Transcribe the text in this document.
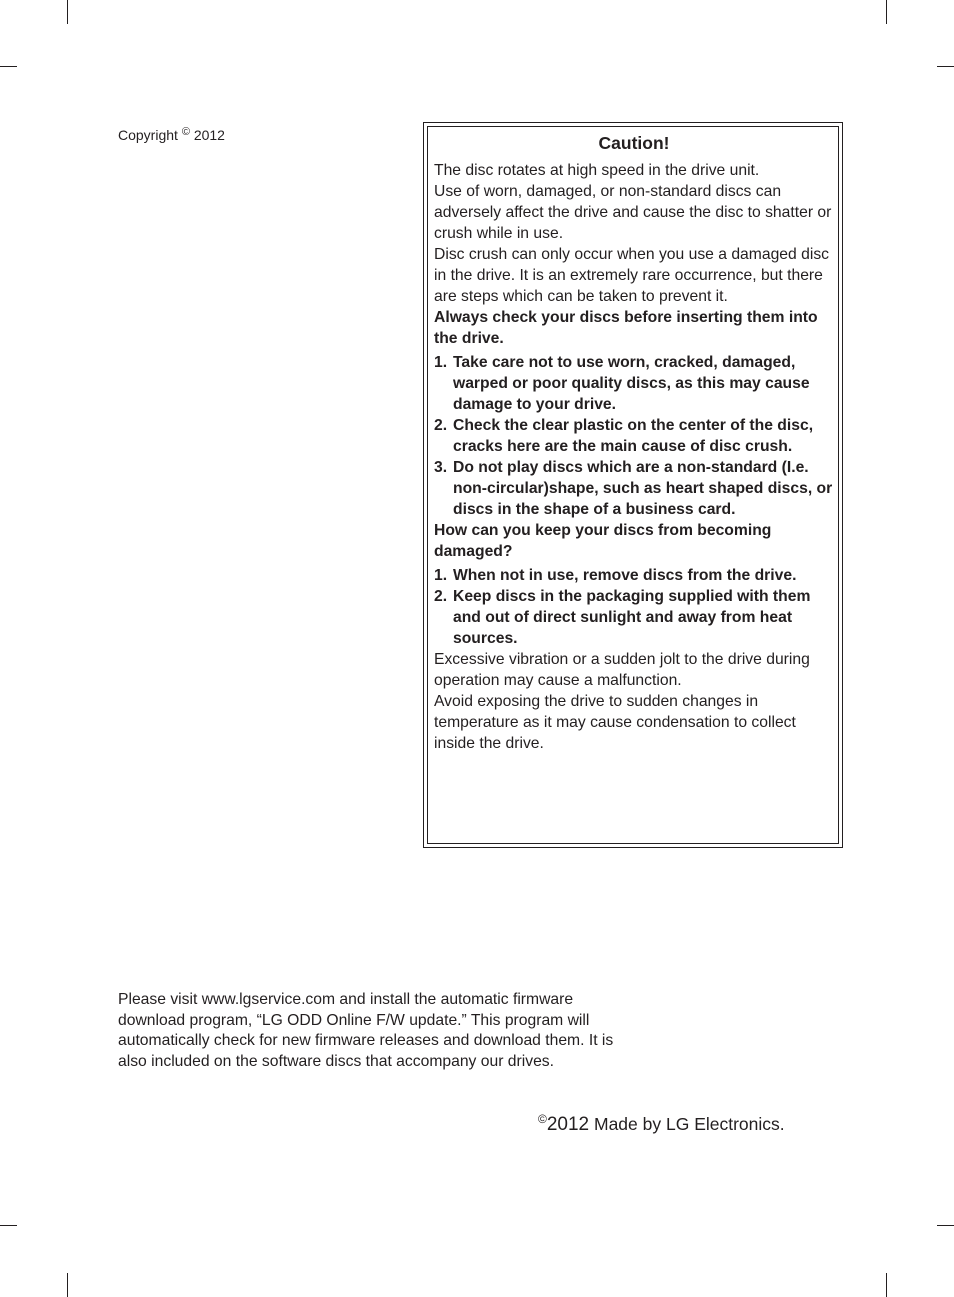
Copyright © 2012	Caution!

The disc rotates at high speed in the drive unit.

Use of worn, damaged, or non-standard discs can adversely affect the drive and cause the disc to shatter or crush while in use.

Disc crush can only occur when you use a damaged disc in the drive. It is an extremely rare occurrence, but there are steps which can be taken to prevent it.

Always check your discs before inserting them into the drive.

1. Take care not to use worn, cracked, damaged, warped or poor quality discs, as this may cause damage to your drive.
2. Check the clear plastic on the center of the disc, cracks here are the main cause of disc crush.
3. Do not play discs which are a non-standard (I.e. non-circular)shape, such as heart shaped discs, or discs in the shape of a business card.

How can you keep your discs from becoming damaged?

1. When not in use, remove discs from the drive.
2. Keep discs in the packaging supplied with them and out of direct sunlight and away from heat sources.

Excessive vibration or a sudden jolt to the drive during operation may cause a malfunction.

Avoid exposing the drive to sudden changes in temperature as it may cause condensation to collect inside the drive.

Please visit www.lgservice.com and install the automatic firmware download program, “LG ODD Online F/W update.” This program will automatically check for new firmware releases and download them. It is also included on the software discs that accompany our drives.
©2012 Made by LG Electronics.
